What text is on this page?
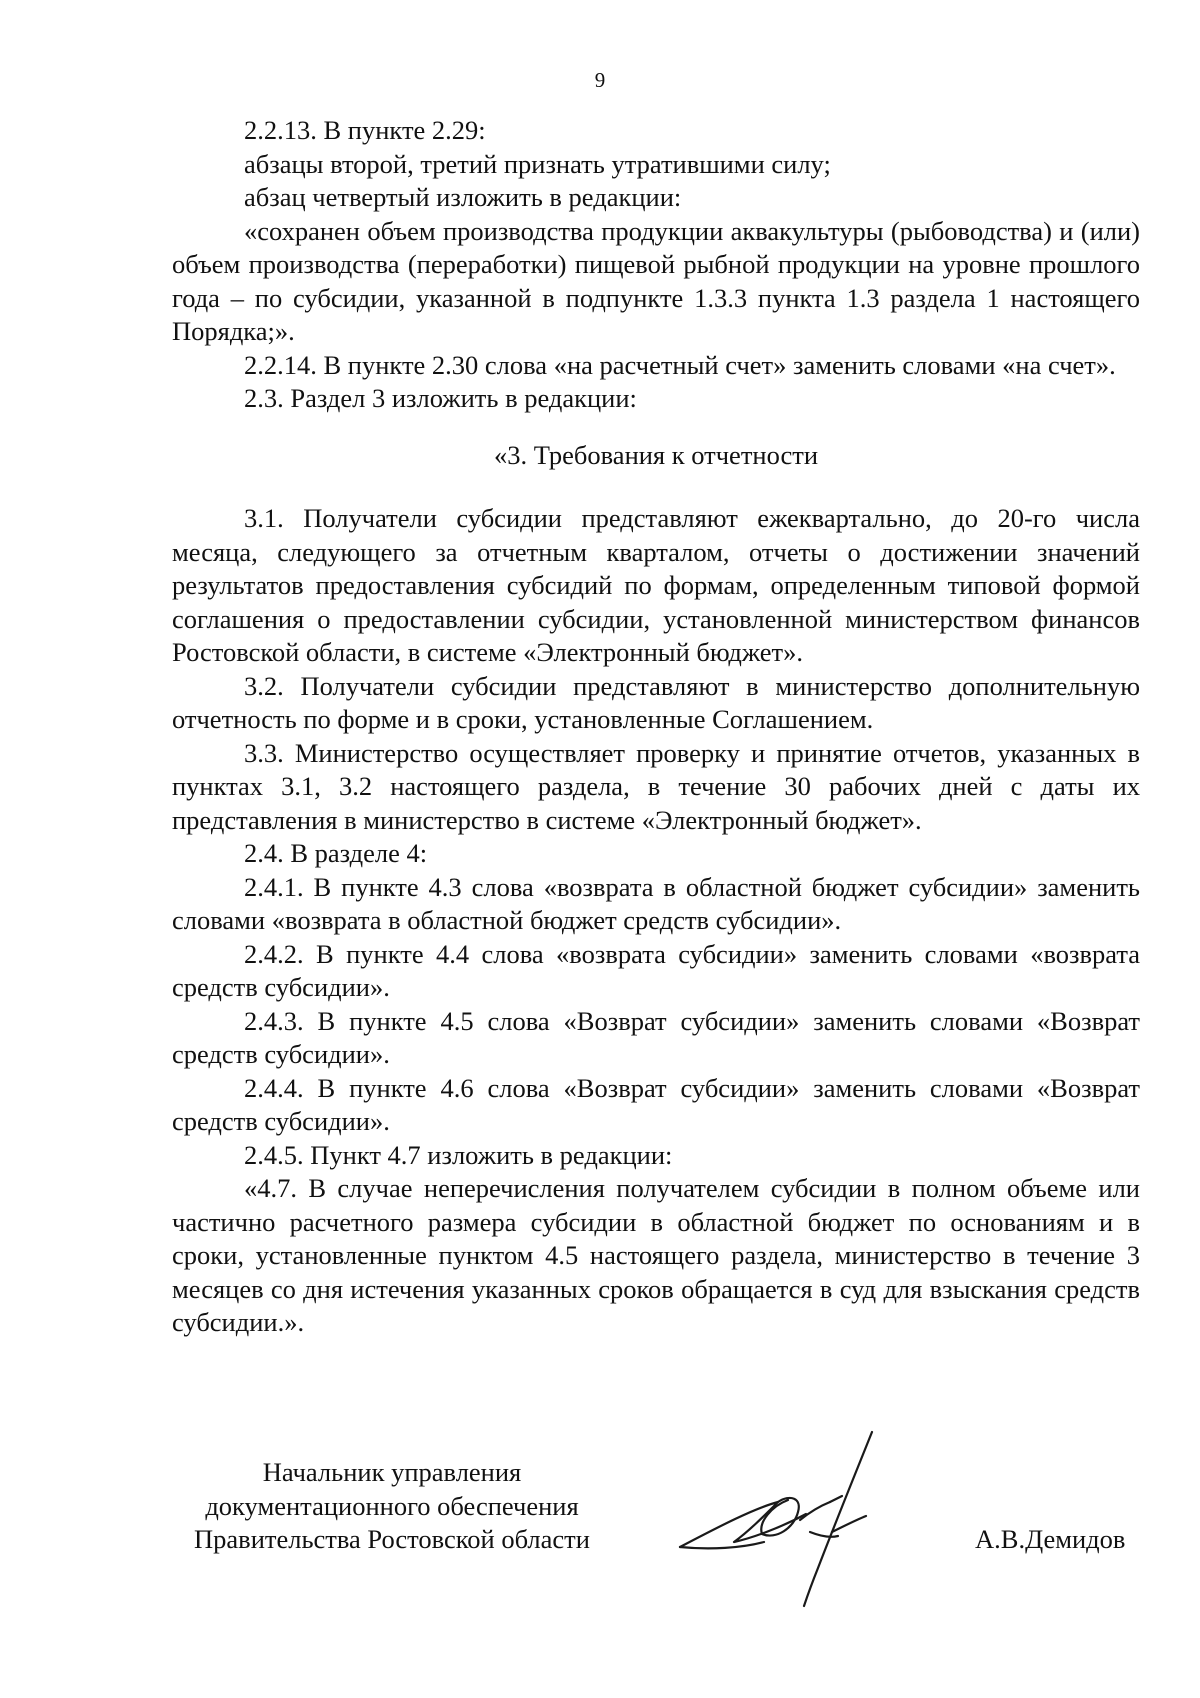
9

2.2.13. В пункте 2.29:

абзацы второй, третий признать утратившими силу;

абзац четвертый изложить в редакции:

«сохранен объем производства продукции аквакультуры (рыбоводства) и (или) объем производства (переработки) пищевой рыбной продукции на уровне прошлого года – по субсидии, указанной в подпункте 1.3.3 пункта 1.3 раздела 1 настоящего Порядка;».

2.2.14. В пункте 2.30 слова «на расчетный счет» заменить словами «на счет».

2.3. Раздел 3 изложить в редакции:

«3. Требования к отчетности

3.1. Получатели субсидии представляют ежеквартально, до 20-го числа месяца, следующего за отчетным кварталом, отчеты о достижении значений результатов предоставления субсидий по формам, определенным типовой формой соглашения о предоставлении субсидии, установленной министерством финансов Ростовской области, в системе «Электронный бюджет».

3.2. Получатели субсидии представляют в министерство дополнительную отчетность по форме и в сроки, установленные Соглашением.

3.3. Министерство осуществляет проверку и принятие отчетов, указанных в пунктах 3.1, 3.2 настоящего раздела, в течение 30 рабочих дней с даты их представления в министерство в системе «Электронный бюджет».

2.4. В разделе 4:

2.4.1. В пункте 4.3 слова «возврата в областной бюджет субсидии» заменить словами «возврата в областной бюджет средств субсидии».

2.4.2. В пункте 4.4 слова «возврата субсидии» заменить словами «возврата средств субсидии».

2.4.3. В пункте 4.5 слова «Возврат субсидии» заменить словами «Возврат средств субсидии».

2.4.4. В пункте 4.6 слова «Возврат субсидии» заменить словами «Возврат средств субсидии».

2.4.5. Пункт 4.7 изложить в редакции:

«4.7. В случае неперечисления получателем субсидии в полном объеме или частично расчетного размера субсидии в областной бюджет по основаниям и в сроки, установленные пунктом 4.5 настоящего раздела, министерство в течение 3 месяцев со дня истечения указанных сроков обращается в суд для взыскания средств субсидии.».

Начальник управления
документационного обеспечения
Правительства Ростовской области	А.В.Демидов
